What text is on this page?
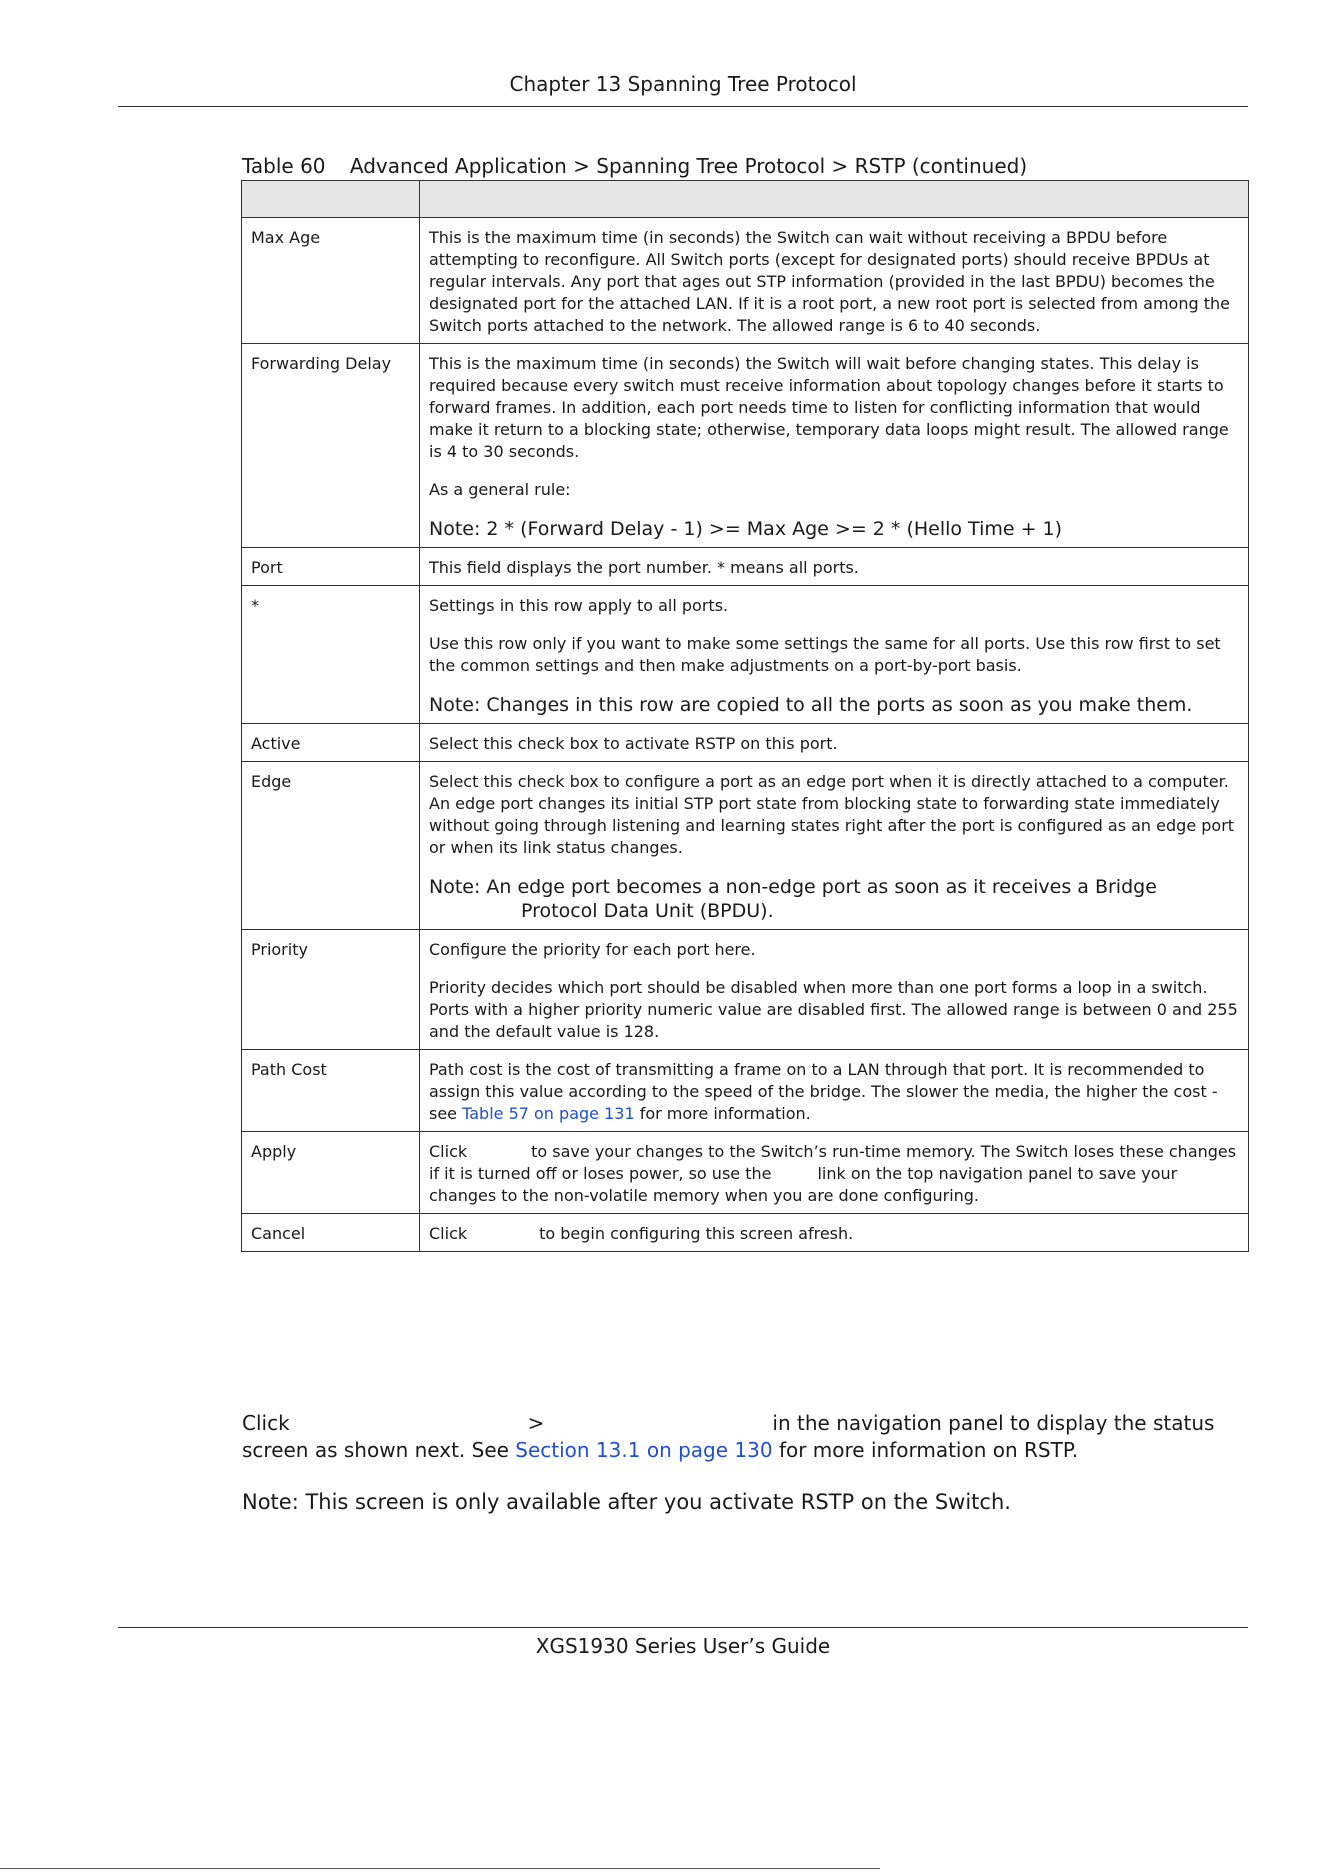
Chapter 13 Spanning Tree Protocol
Table 60 Advanced Application > Spanning Tree Protocol > RSTP (continued)

Max Age	This is the maximum time (in seconds) the Switch can wait without receiving a BPDU before attempting to reconfigure. All Switch ports (except for designated ports) should receive BPDUs at regular intervals. Any port that ages out STP information (provided in the last BPDU) becomes the designated port for the attached LAN. If it is a root port, a new root port is selected from among the Switch ports attached to the network. The allowed range is 6 to 40 seconds.

Forwarding Delay	This is the maximum time (in seconds) the Switch will wait before changing states. This delay is required because every switch must receive information about topology changes before it starts to forward frames. In addition, each port needs time to listen for conflicting information that would make it return to a blocking state; otherwise, temporary data loops might result. The allowed range is 4 to 30 seconds.

As a general rule:

Note: 2 * (Forward Delay - 1) >= Max Age >= 2 * (Hello Time + 1)

Port	This field displays the port number. * means all ports.

*	Settings in this row apply to all ports.

Use this row only if you want to make some settings the same for all ports. Use this row first to set the common settings and then make adjustments on a port-by-port basis.

Note: Changes in this row are copied to all the ports as soon as you make them.

Active	Select this check box to activate RSTP on this port.

Edge	Select this check box to configure a port as an edge port when it is directly attached to a computer. An edge port changes its initial STP port state from blocking state to forwarding state immediately without going through listening and learning states right after the port is configured as an edge port or when its link status changes.

Note: An edge port becomes a non-edge port as soon as it receives a Bridge
Protocol Data Unit (BPDU).

Priority	Configure the priority for each port here.

Priority decides which port should be disabled when more than one port forms a loop in a switch. Ports with a higher priority numeric value are disabled first. The allowed range is between 0 and 255 and the default value is 128.

Path Cost	Path cost is the cost of transmitting a frame on to a LAN through that port. It is recommended to assign this value according to the speed of the bridge. The slower the media, the higher the cost - see Table 57 on page 131 for more information.

Apply	Click to save your changes to the Switch’s run-time memory. The Switch loses these changes if it is turned off or loses power, so use the link on the top navigation panel to save your changes to the non-volatile memory when you are done configuring.

Cancel	Click to begin configuring this screen afresh.

Click	>	in the navigation panel to display the status screen as shown next. See Section 13.1 on page 130 for more information on RSTP.
Note: This screen is only available after you activate RSTP on the Switch.
XGS1930 Series User’s Guide
